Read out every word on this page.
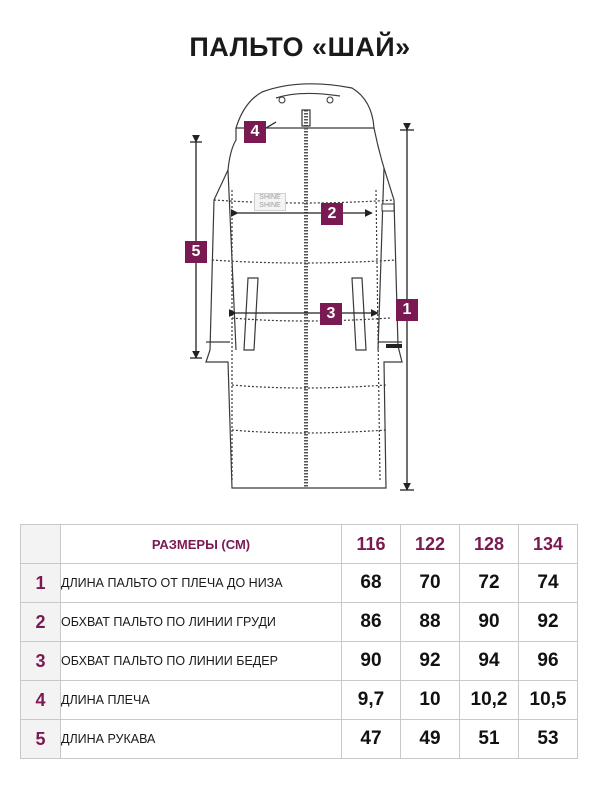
ПАЛЬТО «ШАЙ»
SHINE
SHINE
1
2
3
4
5
	РАЗМЕРЫ (СМ)	116	122	128	134
1	ДЛИНА ПАЛЬТО ОТ ПЛЕЧА ДО НИЗА	68	70	72	74
2	ОБХВАТ ПАЛЬТО ПО ЛИНИИ ГРУДИ	86	88	90	92
3	ОБХВАТ ПАЛЬТО ПО ЛИНИИ БЕДЕР	90	92	94	96
4	ДЛИНА ПЛЕЧА	9,7	10	10,2	10,5
5	ДЛИНА РУКАВА	47	49	51	53
